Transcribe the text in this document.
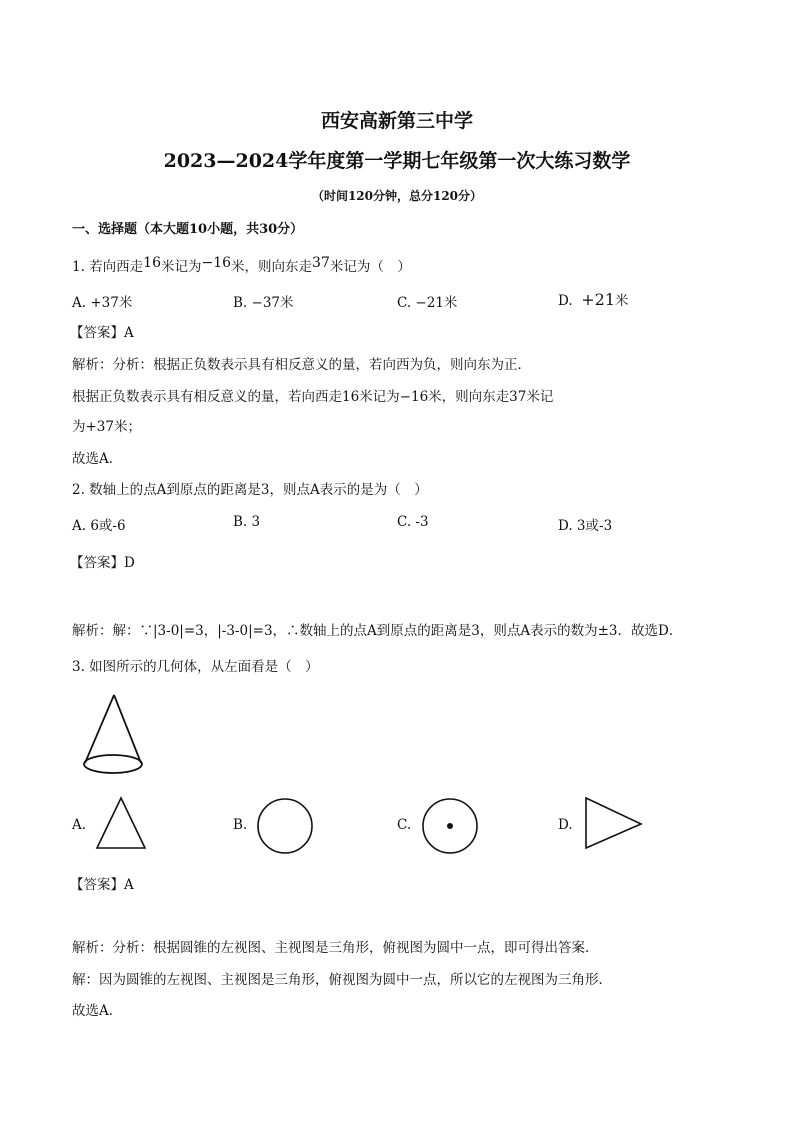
西安高新第三中学
2023—2024学年度第一学期七年级第一次大练习数学
（时间120分钟，总分120分）
一、选择题（本大题10小题，共30分）
1. 若向西走16米记为−16米，则向东走37米记为（　）
A. +37米	B. −37米	C. −21米	D. +21米
【答案】A
解析：分析：根据正负数表示具有相反意义的量，若向西为负，则向东为正．
根据正负数表示具有相反意义的量，若向西走16米记为−16米，则向东走37米记
为+37米；
故选A．
2. 数轴上的点A到原点的距离是3，则点A表示的是为（　）
A. 6或-6	B. 3	C. -3	D. 3或-3
【答案】D
解析：解：∵|3-0|=3，|-3-0|=3，∴数轴上的点A到原点的距离是3，则点A表示的数为±3．故选D．
3. 如图所示的几何体，从左面看是（　）
A.	B.	C.	D.
【答案】A
解析：分析：根据圆锥的左视图、主视图是三角形，俯视图为圆中一点，即可得出答案．
解：因为圆锥的左视图、主视图是三角形，俯视图为圆中一点，所以它的左视图为三角形．
故选A．
